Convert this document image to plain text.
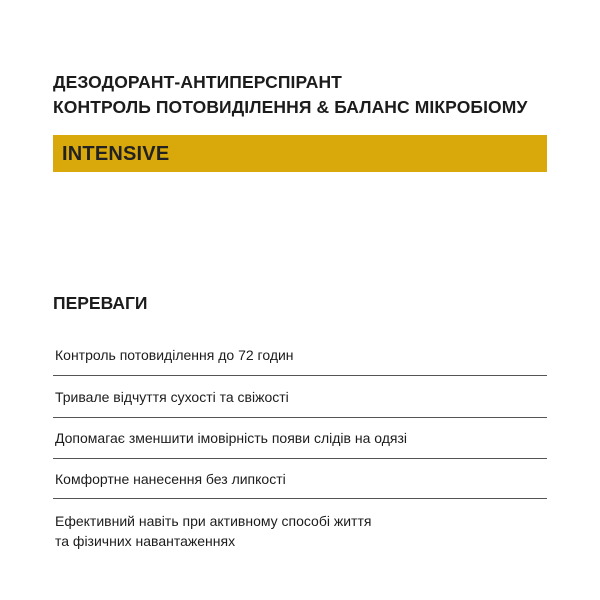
ДЕЗОДОРАНТ-АНТИПЕРСПІРАНТ
КОНТРОЛЬ ПОТОВИДІЛЕННЯ & БАЛАНС МІКРОБІОМУ
INTENSIVE
ПЕРЕВАГИ
Контроль потовиділення до 72 годин
Тривале відчуття сухості та свіжості
Допомагає зменшити імовірність появи слідів на одязі
Комфортне нанесення без липкості
Ефективний навіть при активному способі життя
та фізичних навантаженнях
